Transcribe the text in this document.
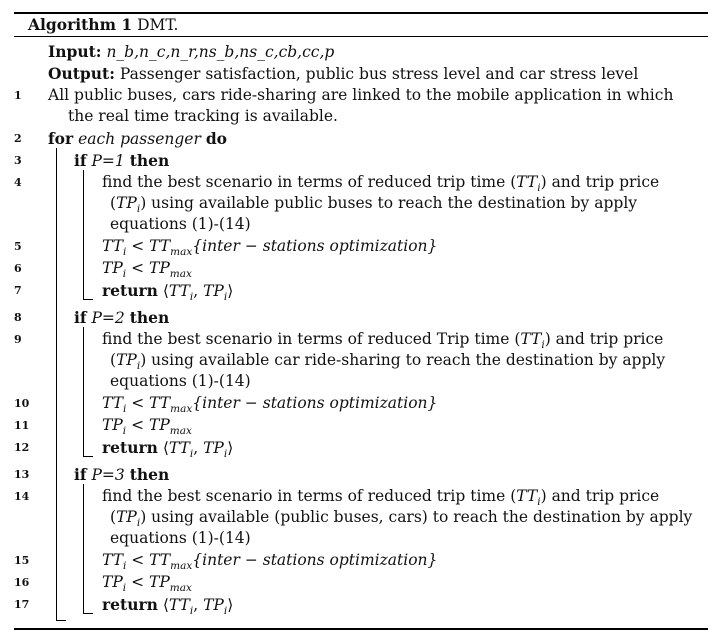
Algorithm 1 DMT.
Input: n_b,n_c,n_r,ns_b,ns_c,cb,cc,p
Output: Passenger satisfaction, public bus stress level and car stress level
1	All public buses, cars ride-sharing are linked to the mobile application in which
the real time tracking is available.
2	for each passenger do
3	if P=1 then
4	find the best scenario in terms of reduced trip time $(TT_i)$ and trip price
$(TP_i)$ using available public buses to reach the destination by apply
equations (1)-(14)
5	$TT_i$ < $TT_{max}\{inter$ − stations optimization}
6	$TP_i < TP_{max}$
7	return $⟨TT_i$, $TP_i⟩$
8	if P=2 then
9	find the best scenario in terms of reduced Trip time $(TT_i)$ and trip price
$(TP_i)$ using available car ride-sharing to reach the destination by apply
equations (1)-(14)
10	$TT_i$ < $TT_{max}\{inter$ − stations optimization}
11	$TP_i < TP_{max}$
12	return $⟨TT_i$, $TP_i⟩$
13	if P=3 then
14	find the best scenario in terms of reduced trip time $(TT_i)$ and trip price
$(TP_i)$ using available (public buses, cars) to reach the destination by apply
equations (1)-(14)
15	$TT_i$ < $TT_{max}\{inter$ − stations optimization}
16	$TP_i < TP_{max}$
17	return $⟨TT_i$, $TP_i⟩$
